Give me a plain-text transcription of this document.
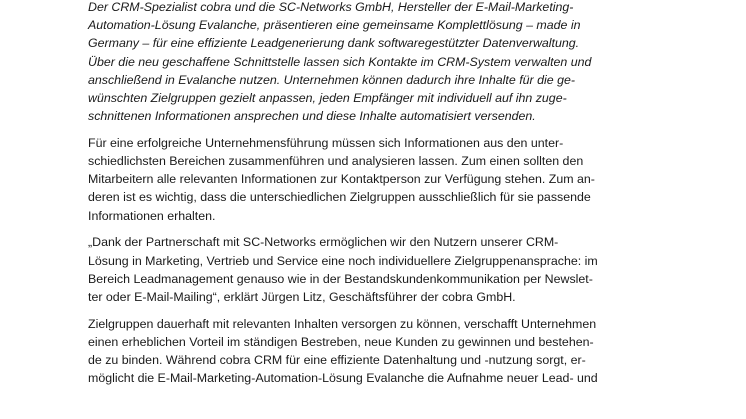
Der CRM-Spezialist cobra und die SC-Networks GmbH, Hersteller der E-Mail-Marketing-
Automation-Lösung Evalanche, präsentieren eine gemeinsame Komplettlösung – made in
Germany – für eine effiziente Leadgenerierung dank softwaregestützter Datenverwaltung.
Über die neu geschaffene Schnittstelle lassen sich Kontakte im CRM-System verwalten und
anschließend in Evalanche nutzen. Unternehmen können dadurch ihre Inhalte für die ge-
wünschten Zielgruppen gezielt anpassen, jeden Empfänger mit individuell auf ihn zuge-
schnittenen Informationen ansprechen und diese Inhalte automatisiert versenden.
Für eine erfolgreiche Unternehmensführung müssen sich Informationen aus den unter-
schiedlichsten Bereichen zusammenführen und analysieren lassen. Zum einen sollten den
Mitarbeitern alle relevanten Informationen zur Kontaktperson zur Verfügung stehen. Zum an-
deren ist es wichtig, dass die unterschiedlichen Zielgruppen ausschließlich für sie passende
Informationen erhalten.
„Dank der Partnerschaft mit SC-Networks ermöglichen wir den Nutzern unserer CRM-
Lösung in Marketing, Vertrieb und Service eine noch individuellere Zielgruppenansprache: im
Bereich Leadmanagement genauso wie in der Bestandskundenkommunikation per Newslet-
ter oder E-Mail-Mailing“, erklärt Jürgen Litz, Geschäftsführer der cobra GmbH.
Zielgruppen dauerhaft mit relevanten Inhalten versorgen zu können, verschafft Unternehmen
einen erheblichen Vorteil im ständigen Bestreben, neue Kunden zu gewinnen und bestehen-
de zu binden. Während cobra CRM für eine effiziente Datenhaltung und -nutzung sorgt, er-
möglicht die E-Mail-Marketing-Automation-Lösung Evalanche die Aufnahme neuer Lead- und
